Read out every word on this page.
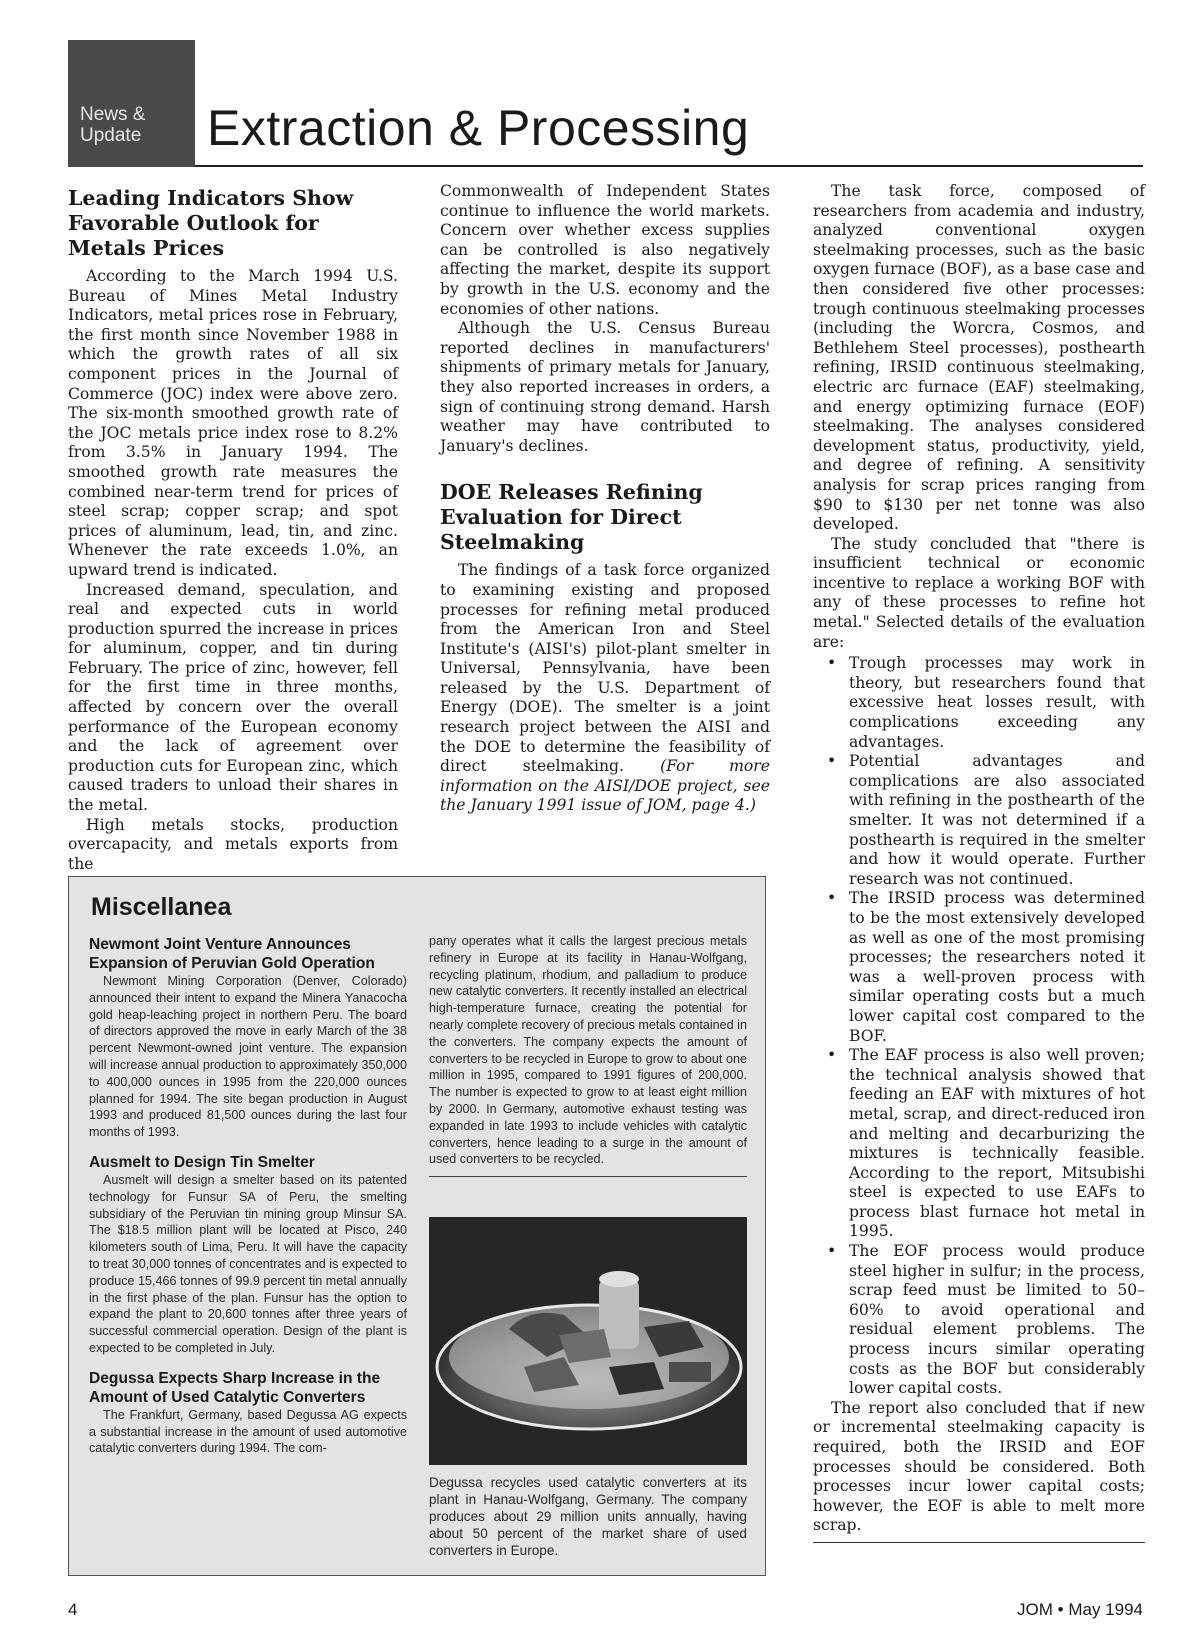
News &
Update	Extraction & Processing
Leading Indicators Show Favorable Outlook for Metals Prices

According to the March 1994 U.S. Bureau of Mines Metal Industry Indicators, metal prices rose in February, the first month since November 1988 in which the growth rates of all six component prices in the Journal of Commerce (JOC) index were above zero. The six-month smoothed growth rate of the JOC metals price index rose to 8.2% from 3.5% in January 1994. The smoothed growth rate measures the combined near-term trend for prices of steel scrap; copper scrap; and spot prices of aluminum, lead, tin, and zinc. Whenever the rate exceeds 1.0%, an upward trend is indicated.

Increased demand, speculation, and real and expected cuts in world production spurred the increase in prices for aluminum, copper, and tin during February. The price of zinc, however, fell for the first time in three months, affected by concern over the overall performance of the European economy and the lack of agreement over production cuts for European zinc, which caused traders to unload their shares in the metal.

High metals stocks, production overcapacity, and metals exports from the

Commonwealth of Independent States continue to influence the world markets. Concern over whether excess supplies can be controlled is also negatively affecting the market, despite its support by growth in the U.S. economy and the economies of other nations.

Although the U.S. Census Bureau reported declines in manufacturers' shipments of primary metals for January, they also reported increases in orders, a sign of continuing strong demand. Harsh weather may have contributed to January's declines.

DOE Releases Refining Evaluation for Direct Steelmaking

The findings of a task force organized to examining existing and proposed processes for refining metal produced from the American Iron and Steel Institute's (AISI's) pilot-plant smelter in Universal, Pennsylvania, have been released by the U.S. Department of Energy (DOE). The smelter is a joint research project between the AISI and the DOE to determine the feasibility of direct steelmaking. (For more information on the AISI/DOE project, see the January 1991 issue of JOM, page 4.)

The task force, composed of researchers from academia and industry, analyzed conventional oxygen steelmaking processes, such as the basic oxygen furnace (BOF), as a base case and then considered five other processes: trough continuous steelmaking processes (including the Worcra, Cosmos, and Bethlehem Steel processes), posthearth refining, IRSID continuous steelmaking, electric arc furnace (EAF) steelmaking, and energy optimizing furnace (EOF) steelmaking. The analyses considered development status, productivity, yield, and degree of refining. A sensitivity analysis for scrap prices ranging from $90 to $130 per net tonne was also developed.

The study concluded that "there is insufficient technical or economic incentive to replace a working BOF with any of these processes to refine hot metal." Selected details of the evaluation are:

• Trough processes may work in theory, but researchers found that excessive heat losses result, with complications exceeding any advantages.
• Potential advantages and complications are also associated with refining in the posthearth of the smelter. It was not determined if a posthearth is required in the smelter and how it would operate. Further research was not continued.
• The IRSID process was determined to be the most extensively developed as well as one of the most promising processes; the researchers noted it was a well-proven process with similar operating costs but a much lower capital cost compared to the BOF.
• The EAF process is also well proven; the technical analysis showed that feeding an EAF with mixtures of hot metal, scrap, and direct-reduced iron and melting and decarburizing the mixtures is technically feasible. According to the report, Mitsubishi steel is expected to use EAFs to process blast furnace hot metal in 1995.
• The EOF process would produce steel higher in sulfur; in the process, scrap feed must be limited to 50–60% to avoid operational and residual element problems. The process incurs similar operating costs as the BOF but considerably lower capital costs.

The report also concluded that if new or incremental steelmaking capacity is required, both the IRSID and EOF processes should be considered. Both processes incur lower capital costs; however, the EOF is able to melt more scrap.

Miscellanea

Newmont Joint Venture Announces Expansion of Peruvian Gold Operation

Newmont Mining Corporation (Denver, Colorado) announced their intent to expand the Minera Yanacocha gold heap-leaching project in northern Peru. The board of directors approved the move in early March of the 38 percent Newmont-owned joint venture. The expansion will increase annual production to approximately 350,000 to 400,000 ounces in 1995 from the 220,000 ounces planned for 1994. The site began production in August 1993 and produced 81,500 ounces during the last four months of 1993.

Ausmelt to Design Tin Smelter

Ausmelt will design a smelter based on its patented technology for Funsur SA of Peru, the smelting subsidiary of the Peruvian tin mining group Minsur SA. The $18.5 million plant will be located at Pisco, 240 kilometers south of Lima, Peru. It will have the capacity to treat 30,000 tonnes of concentrates and is expected to produce 15,466 tonnes of 99.9 percent tin metal annually in the first phase of the plan. Funsur has the option to expand the plant to 20,600 tonnes after three years of successful commercial operation. Design of the plant is expected to be completed in July.

Degussa Expects Sharp Increase in the Amount of Used Catalytic Converters

The Frankfurt, Germany, based Degussa AG expects a substantial increase in the amount of used automotive catalytic converters during 1994. The com-

pany operates what it calls the largest precious metals refinery in Europe at its facility in Hanau-Wolfgang, recycling platinum, rhodium, and palladium to produce new catalytic converters. It recently installed an electrical high-temperature furnace, creating the potential for nearly complete recovery of precious metals contained in the converters. The company expects the amount of converters to be recycled in Europe to grow to about one million in 1995, compared to 1991 figures of 200,000. The number is expected to grow to at least eight million by 2000. In Germany, automotive exhaust testing was expanded in late 1993 to include vehicles with catalytic converters, hence leading to a surge in the amount of used converters to be recycled.

Degussa recycles used catalytic converters at its plant in Hanau-Wolfgang, Germany. The company produces about 29 million units annually, having about 50 percent of the market share of used converters in Europe.
4	JOM • May 1994
